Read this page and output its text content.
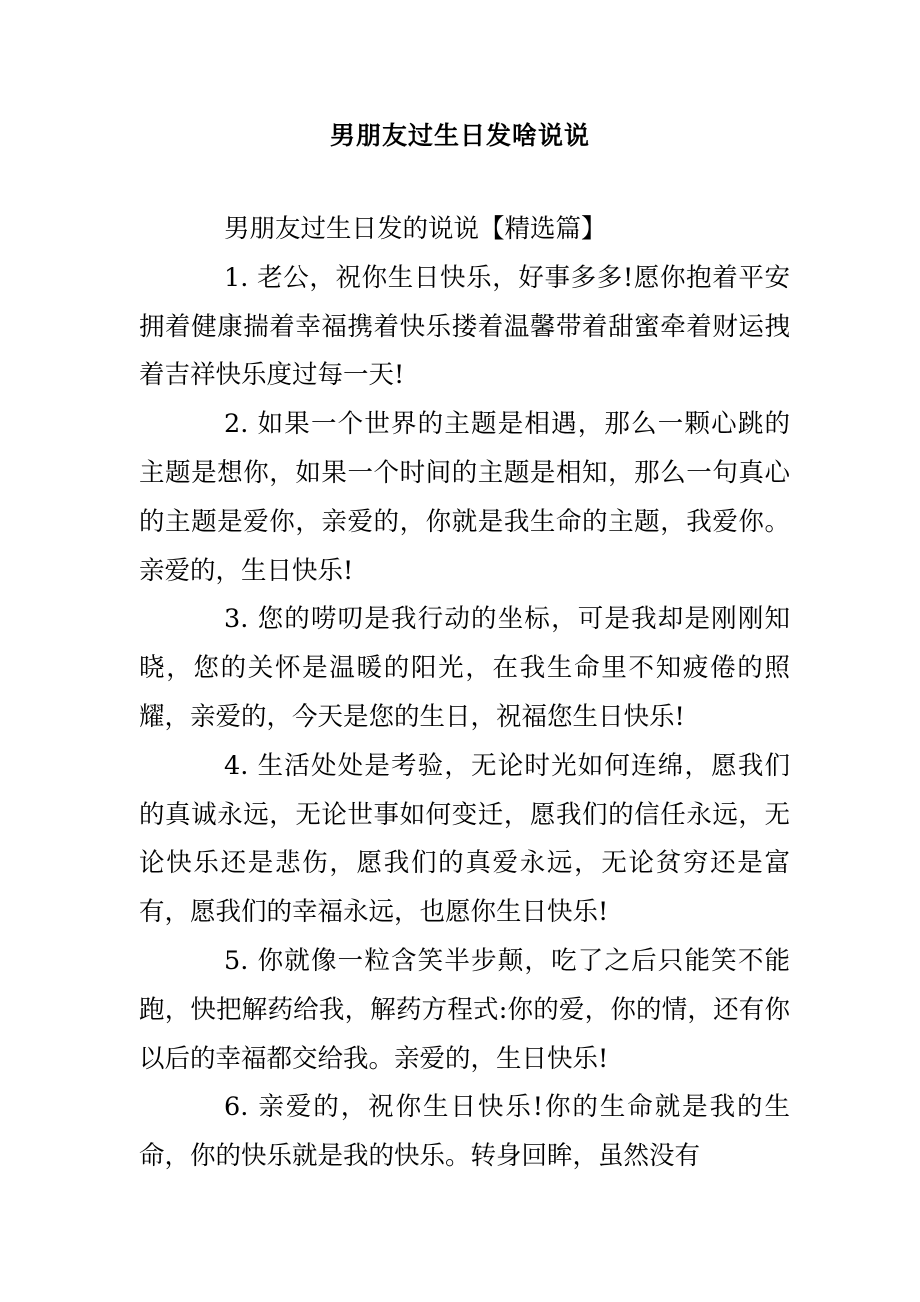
男朋友过生日发啥说说

男朋友过生日发的说说【精选篇】

1. 老公，祝你生日快乐，好事多多!愿你抱着平安拥着健康揣着幸福携着快乐搂着温馨带着甜蜜牵着财运拽着吉祥快乐度过每一天!

2. 如果一个世界的主题是相遇，那么一颗心跳的主题是想你，如果一个时间的主题是相知，那么一句真心的主题是爱你，亲爱的，你就是我生命的主题，我爱你。亲爱的，生日快乐!

3. 您的唠叨是我行动的坐标，可是我却是刚刚知晓，您的关怀是温暖的阳光，在我生命里不知疲倦的照耀，亲爱的，今天是您的生日，祝福您生日快乐!

4. 生活处处是考验，无论时光如何连绵，愿我们的真诚永远，无论世事如何变迁，愿我们的信任永远，无论快乐还是悲伤，愿我们的真爱永远，无论贫穷还是富有，愿我们的幸福永远，也愿你生日快乐!

5. 你就像一粒含笑半步颠，吃了之后只能笑不能跑，快把解药给我，解药方程式:你的爱，你的情，还有你以后的幸福都交给我。亲爱的，生日快乐!

6. 亲爱的，祝你生日快乐!你的生命就是我的生命，你的快乐就是我的快乐。转身回眸，虽然没有
